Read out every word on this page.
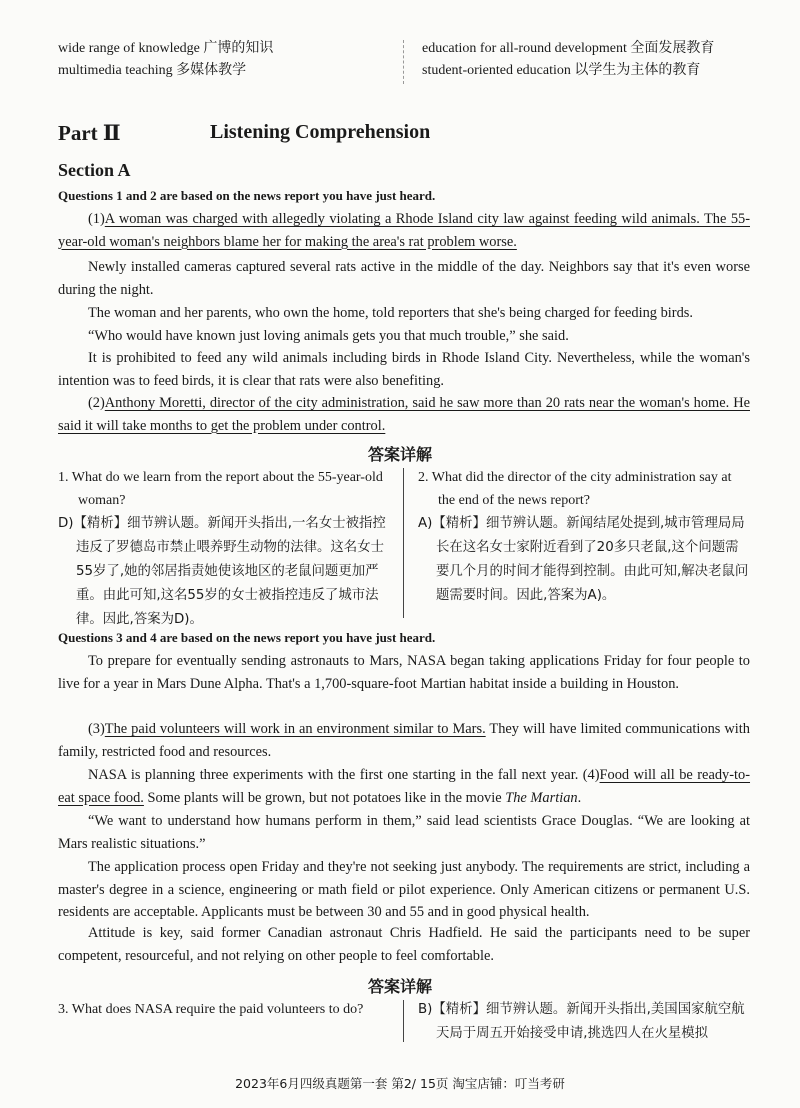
wide range of knowledge 广博的知识
multimedia teaching 多媒体教学
education for all-round development 全面发展教育
student-oriented education 以学生为主体的教育
Part Ⅱ	Listening Comprehension
Section A
Questions 1 and 2 are based on the news report you have just heard.
(1)A woman was charged with allegedly violating a Rhode Island city law against feeding wild animals. The 55-year-old woman's neighbors blame her for making the area's rat problem worse.
Newly installed cameras captured several rats active in the middle of the day. Neighbors say that it's even worse during the night.
The woman and her parents, who own the home, told reporters that she's being charged for feeding birds.
“Who would have known just loving animals gets you that much trouble,” she said.
It is prohibited to feed any wild animals including birds in Rhode Island City. Nevertheless, while the woman's intention was to feed birds, it is clear that rats were also benefiting.
(2)Anthony Moretti, director of the city administration, said he saw more than 20 rats near the woman's home. He said it will take months to get the problem under control.
答案详解
1. What do we learn from the report about the 55-year-old woman?
D)【精析】细节辨认题。新闻开头指出,一名女士被指控违反了罗德岛市禁止喂养野生动物的法律。这名女士55岁了,她的邻居指责她使该地区的老鼠问题更加严重。由此可知,这名55岁的女士被指控违反了城市法律。因此,答案为D)。
2. What did the director of the city administration say at the end of the news report?
A)【精析】细节辨认题。新闻结尾处提到,城市管理局局长在这名女士家附近看到了20多只老鼠,这个问题需要几个月的时间才能得到控制。由此可知,解决老鼠问题需要时间。因此,答案为A)。
Questions 3 and 4 are based on the news report you have just heard.
To prepare for eventually sending astronauts to Mars, NASA began taking applications Friday for four people to live for a year in Mars Dune Alpha. That's a 1,700-square-foot Martian habitat inside a building in Houston.
(3)The paid volunteers will work in an environment similar to Mars. They will have limited communications with family, restricted food and resources.
NASA is planning three experiments with the first one starting in the fall next year. (4)Food will all be ready-to-eat space food. Some plants will be grown, but not potatoes like in the movie The Martian.
“We want to understand how humans perform in them,” said lead scientists Grace Douglas. “We are looking at Mars realistic situations.”
The application process open Friday and they're not seeking just anybody. The requirements are strict, including a master's degree in a science, engineering or math field or pilot experience. Only American citizens or permanent U.S. residents are acceptable. Applicants must be between 30 and 55 and in good physical health.
Attitude is key, said former Canadian astronaut Chris Hadfield. He said the participants need to be super competent, resourceful, and not relying on other people to feel comfortable.
答案详解
3. What does NASA require the paid volunteers to do?	B)【精析】细节辨认题。新闻开头指出,美国国家航空航天局于周五开始接受申请,挑选四人在火星模拟
2023年6月四级真题第一套 第2/ 15页 淘宝店铺：叮当考研
